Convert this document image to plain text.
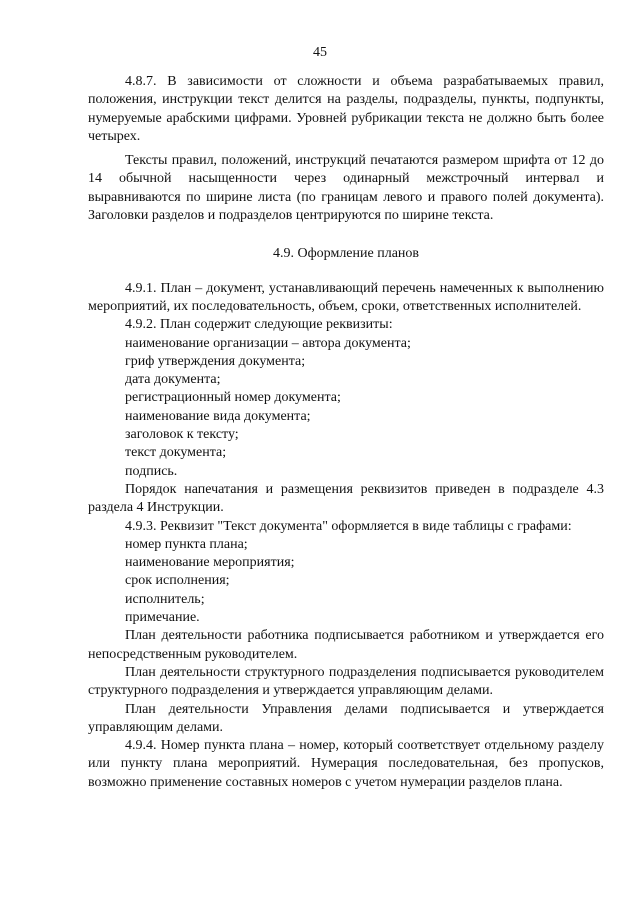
45

4.8.7. В зависимости от сложности и объема разрабатываемых правил, положения, инструкции текст делится на разделы, подразделы, пункты, подпункты, нумеруемые арабскими цифрами. Уровней рубрикации текста не должно быть более четырех.

Тексты правил, положений, инструкций печатаются размером шрифта от 12 до 14 обычной насыщенности через одинарный межстрочный интервал и выравниваются по ширине листа (по границам левого и правого полей документа). Заголовки разделов и подразделов центрируются по ширине текста.

4.9. Оформление планов

4.9.1. План – документ, устанавливающий перечень намеченных к выполнению мероприятий, их последовательность, объем, сроки, ответственных исполнителей.

4.9.2. План содержит следующие реквизиты:

наименование организации – автора документа;

гриф утверждения документа;

дата документа;

регистрационный номер документа;

наименование вида документа;

заголовок к тексту;

текст документа;

подпись.

Порядок напечатания и размещения реквизитов приведен в подразделе 4.3 раздела 4 Инструкции.

4.9.3. Реквизит "Текст документа" оформляется в виде таблицы с графами:

номер пункта плана;

наименование мероприятия;

срок исполнения;

исполнитель;

примечание.

План деятельности работника подписывается работником и утверждается его непосредственным руководителем.

План деятельности структурного подразделения подписывается руководителем структурного подразделения и утверждается управляющим делами.

План деятельности Управления делами подписывается и утверждается управляющим делами.

4.9.4. Номер пункта плана – номер, который соответствует отдельному разделу или пункту плана мероприятий. Нумерация последовательная, без пропусков, возможно применение составных номеров с учетом нумерации разделов плана.
